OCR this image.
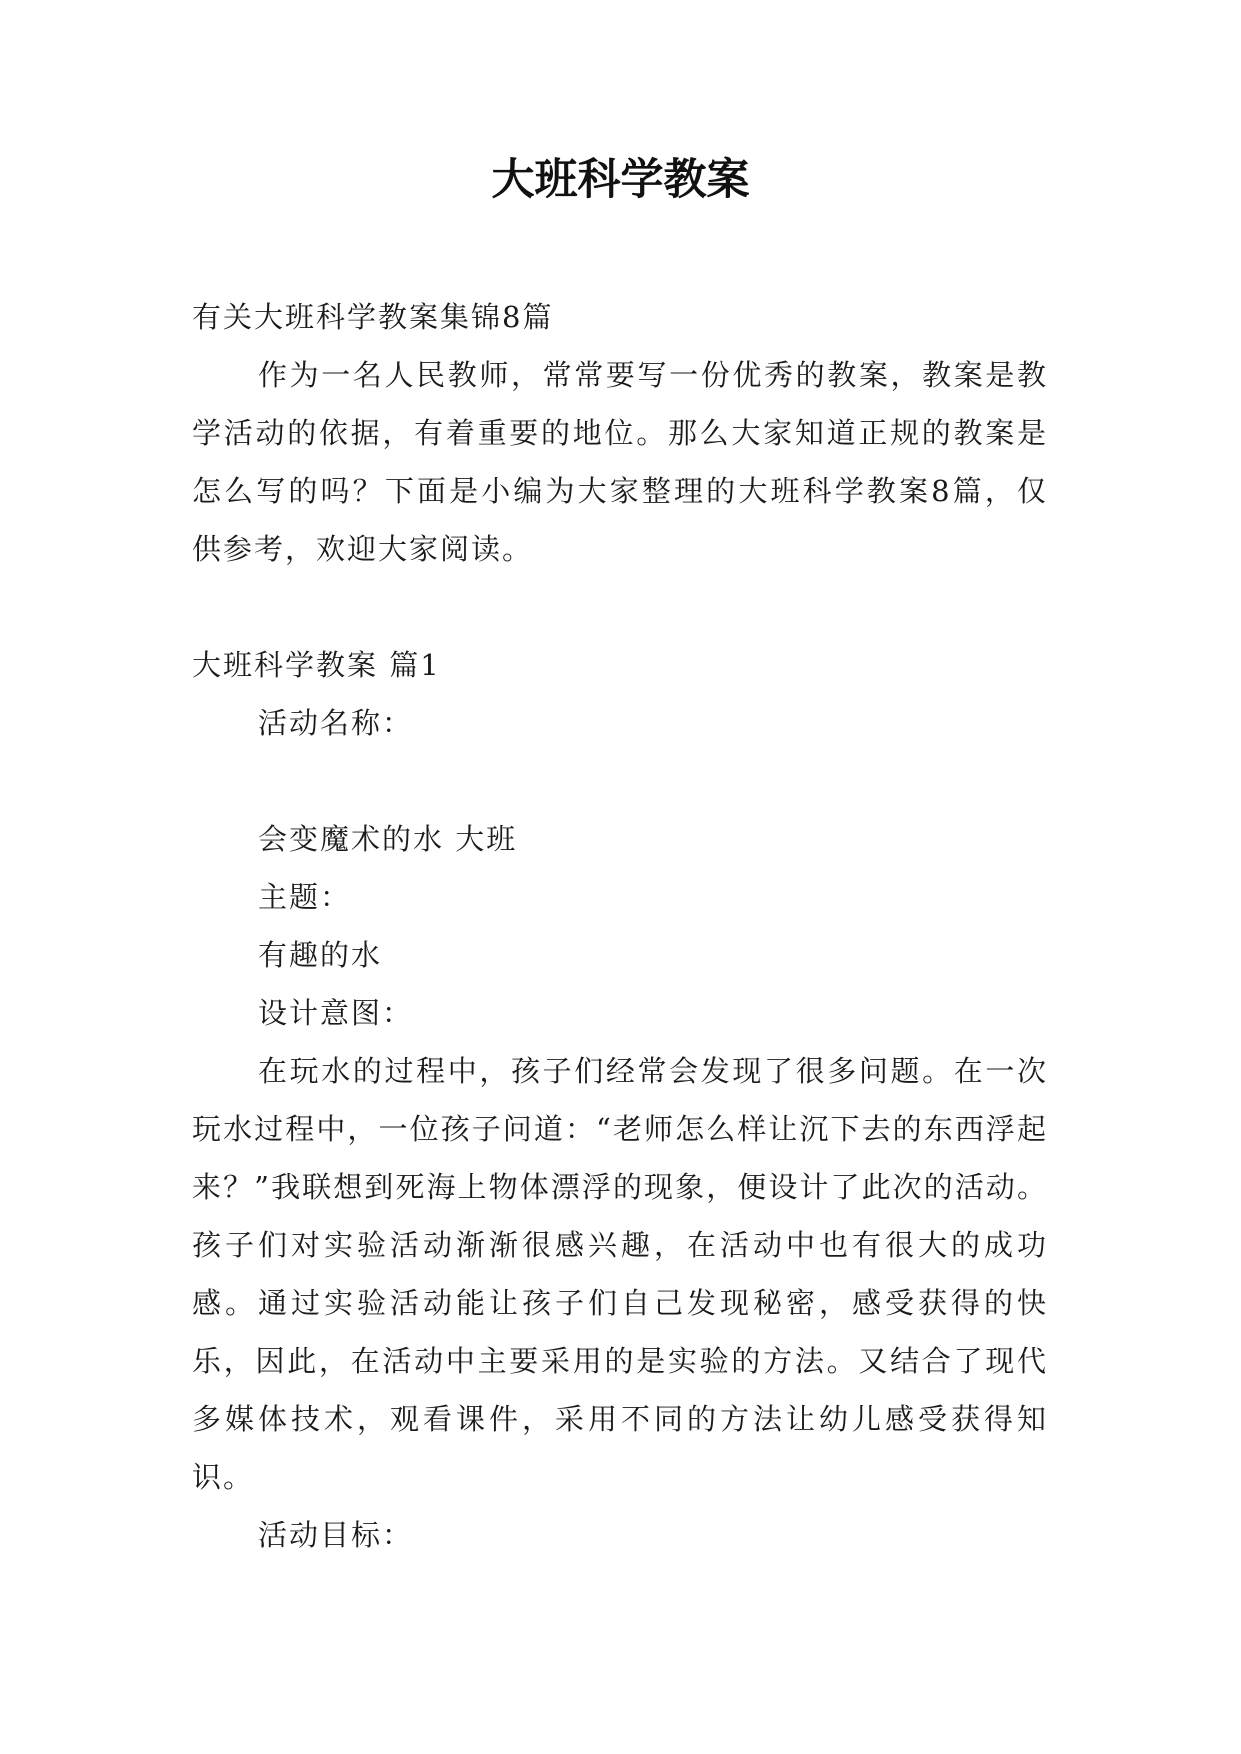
大班科学教案

有关大班科学教案集锦8篇

作为一名人民教师，常常要写一份优秀的教案，教案是教学活动的依据，有着重要的地位。那么大家知道正规的教案是怎么写的吗？下面是小编为大家整理的大班科学教案8篇，仅供参考，欢迎大家阅读。

大班科学教案 篇1

活动名称：

会变魔术的水 大班

主题：

有趣的水

设计意图：

在玩水的过程中，孩子们经常会发现了很多问题。在一次玩水过程中，一位孩子问道：“老师怎么样让沉下去的东西浮起来？”我联想到死海上物体漂浮的现象，便设计了此次的活动。 孩子们对实验活动渐渐很感兴趣，在活动中也有很大的成功感。通过实验活动能让孩子们自己发现秘密，感受获得的快乐，因此，在活动中主要采用的是实验的方法。又结合了现代多媒体技术，观看课件，采用不同的方法让幼儿感受获得知识。

活动目标：
